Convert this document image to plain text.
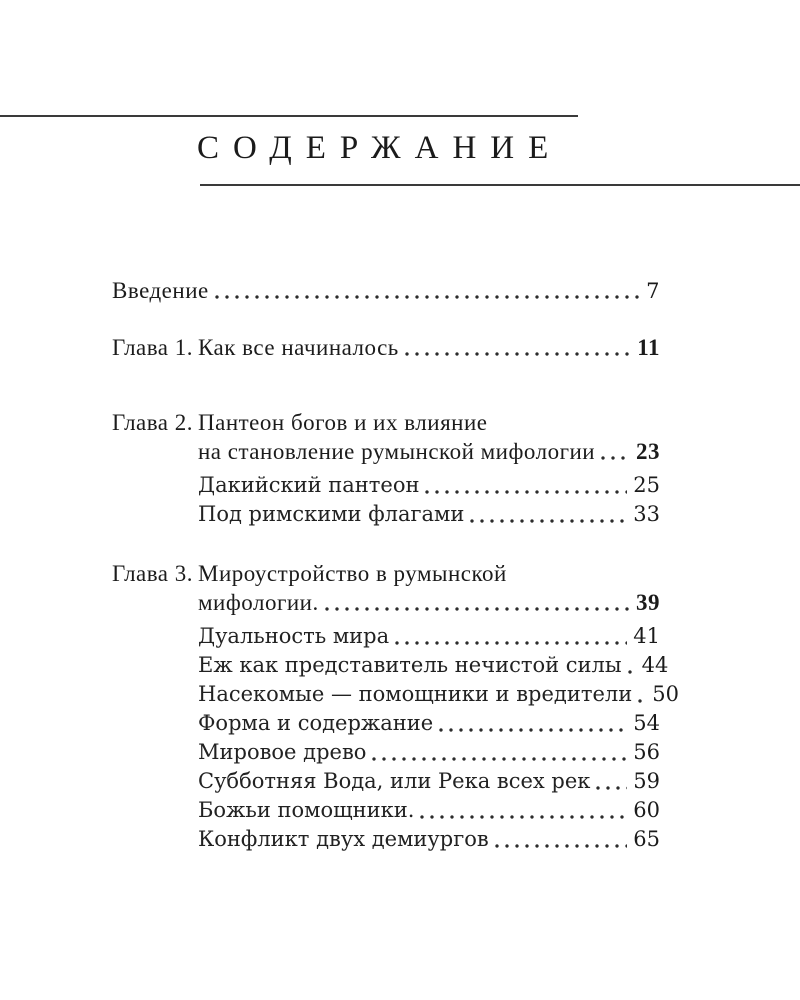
СОДЕРЖАНИЕ
Введение	7
Глава 1. Как все начиналось	11
Глава 2. Пантеон богов и их влияние
на становление румынской мифологии 23
Дакийский пантеон	25
Под римскими флагами	33
Глава 3. Мироустройство в румынской
мифологии.	39
Дуальность мира	41
Еж как представитель нечистой силы 44
Насекомые — помощники и вредители 50
Форма и содержание	54
Мировое древо	56
Субботняя Вода, или Река всех рек 59
Божьи помощники.	60
Конфликт двух демиургов	65
